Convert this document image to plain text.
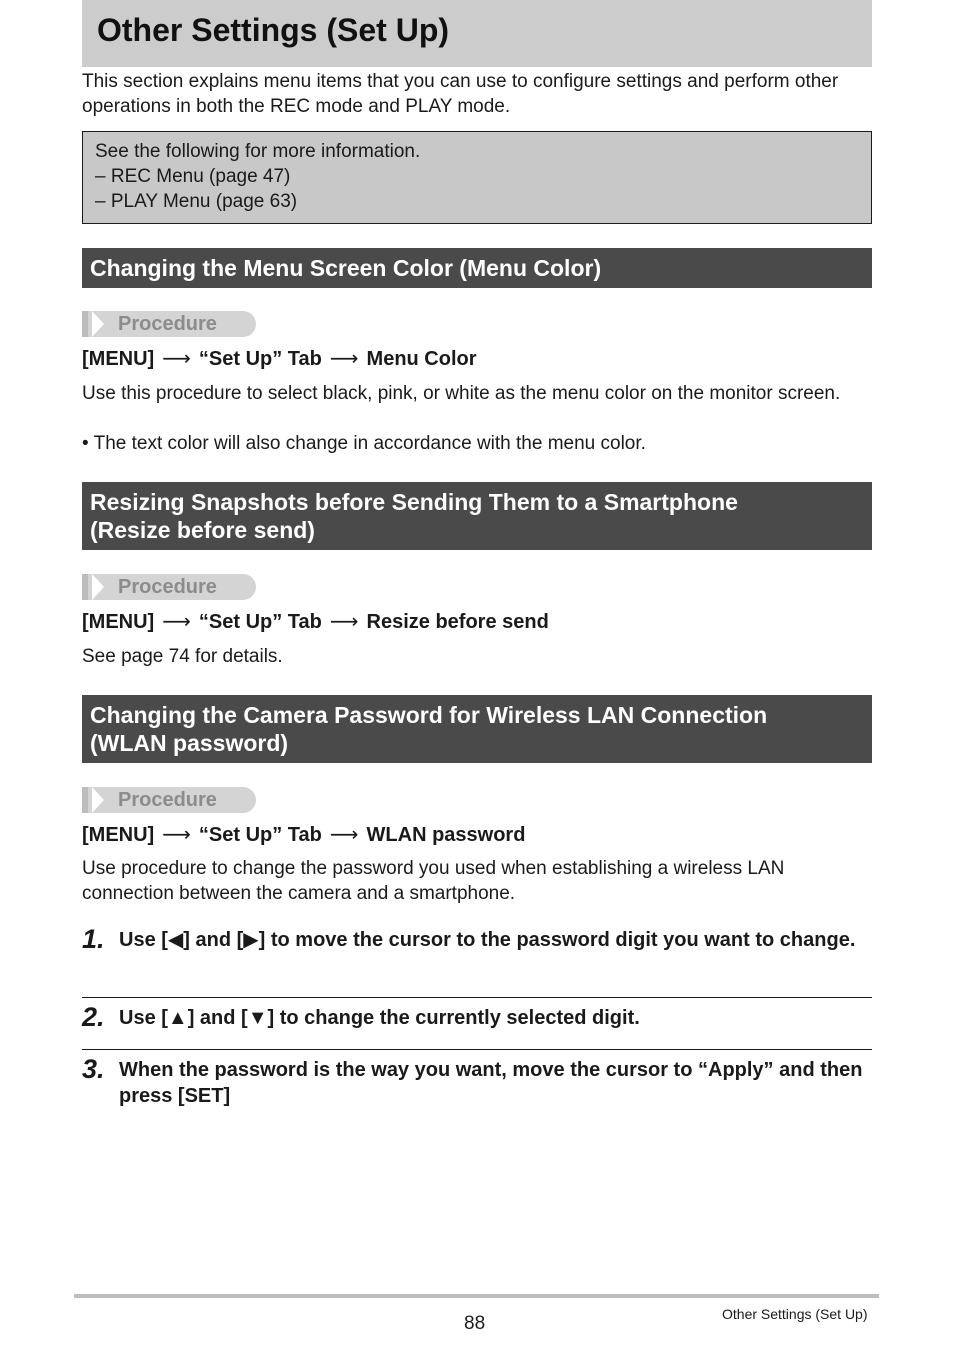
Other Settings (Set Up)
This section explains menu items that you can use to configure settings and perform other operations in both the REC mode and PLAY mode.
See the following for more information.
– REC Menu (page 47)
– PLAY Menu (page 63)
Changing the Menu Screen Color (Menu Color)
Procedure
[MENU] ⟶ “Set Up” Tab ⟶ Menu Color
Use this procedure to select black, pink, or white as the menu color on the monitor screen.
• The text color will also change in accordance with the menu color.
Resizing Snapshots before Sending Them to a Smartphone
(Resize before send)
Procedure
[MENU] ⟶ “Set Up” Tab ⟶ Resize before send
See page 74 for details.
Changing the Camera Password for Wireless LAN Connection
(WLAN password)
Procedure
[MENU] ⟶ “Set Up” Tab ⟶ WLAN password
Use procedure to change the password you used when establishing a wireless LAN connection between the camera and a smartphone.
1. Use [◀] and [▶] to move the cursor to the password digit you want to change.
2. Use [▲] and [▼] to change the currently selected digit.
3. When the password is the way you want, move the cursor to “Apply” and then press [SET]
88	Other Settings (Set Up)
